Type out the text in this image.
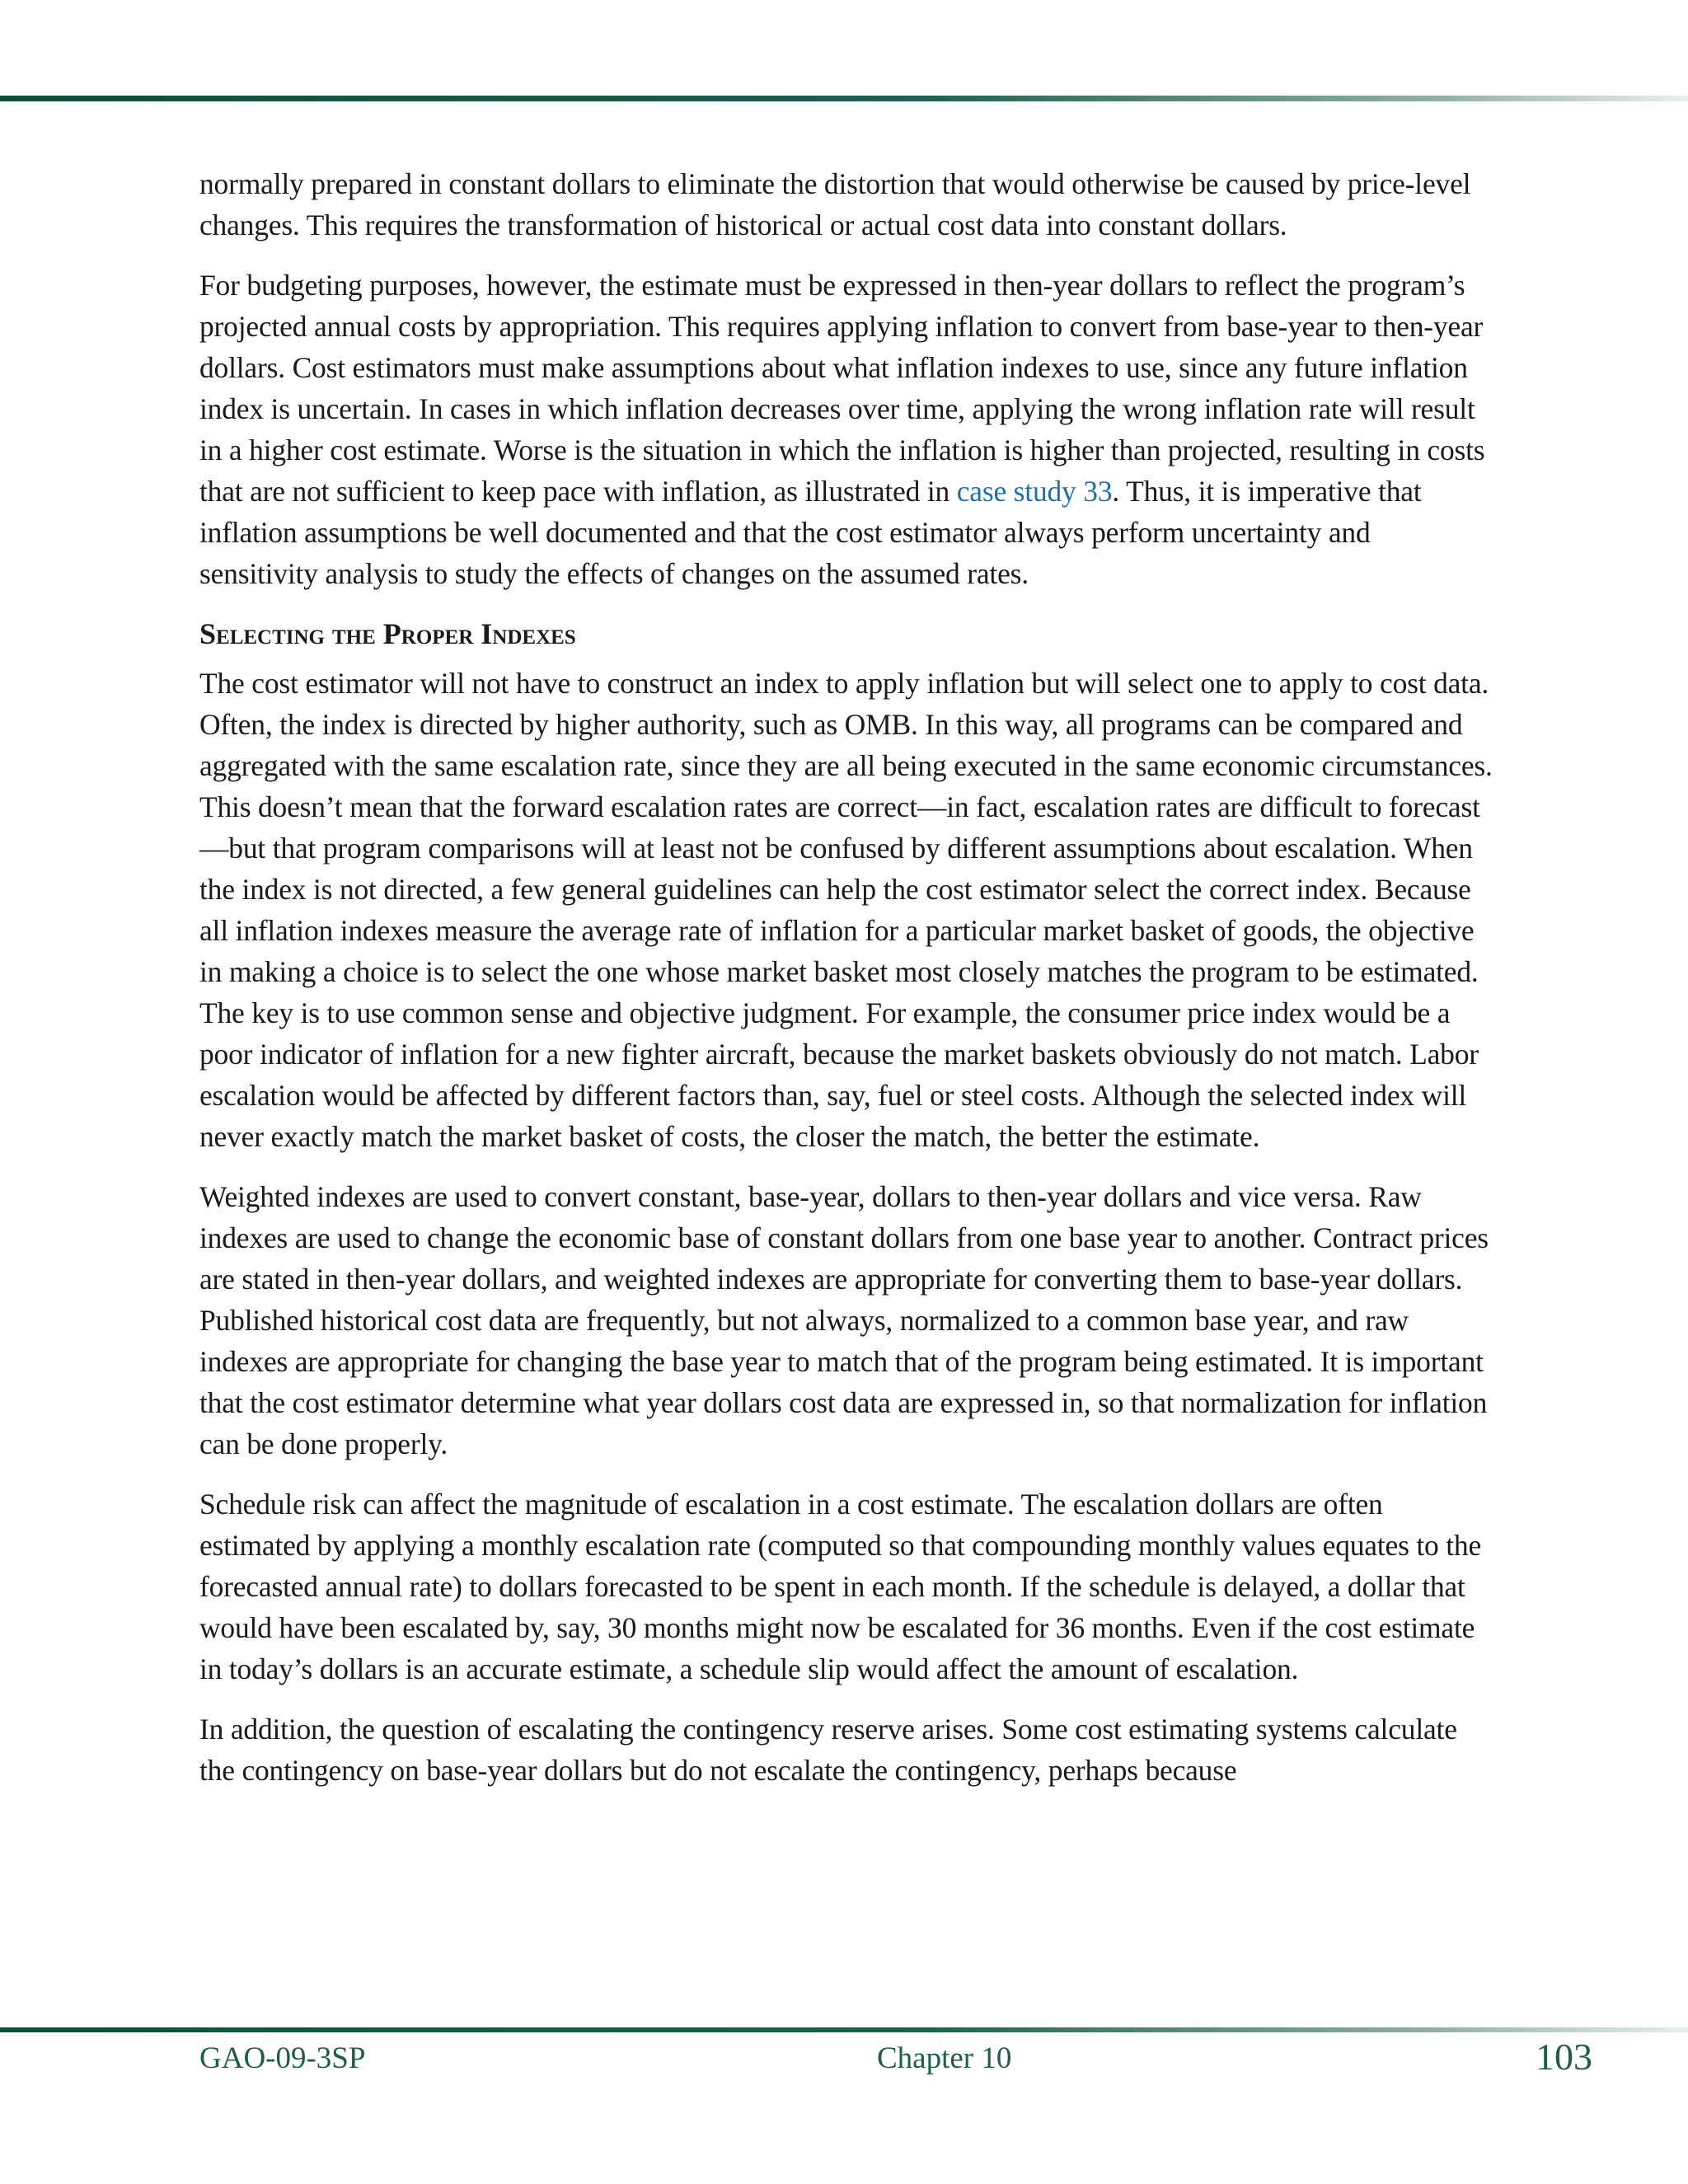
normally prepared in constant dollars to eliminate the distortion that would otherwise be caused by price-level changes. This requires the transformation of historical or actual cost data into constant dollars.

For budgeting purposes, however, the estimate must be expressed in then-year dollars to reflect the program’s projected annual costs by appropriation. This requires applying inflation to convert from base-year to then-year dollars. Cost estimators must make assumptions about what inflation indexes to use, since any future inflation index is uncertain. In cases in which inflation decreases over time, applying the wrong inflation rate will result in a higher cost estimate. Worse is the situation in which the inflation is higher than projected, resulting in costs that are not sufficient to keep pace with inflation, as illustrated in case study 33. Thus, it is imperative that inflation assumptions be well documented and that the cost estimator always perform uncertainty and sensitivity analysis to study the effects of changes on the assumed rates.

Selecting the Proper Indexes

The cost estimator will not have to construct an index to apply inflation but will select one to apply to cost data. Often, the index is directed by higher authority, such as OMB. In this way, all programs can be compared and aggregated with the same escalation rate, since they are all being executed in the same economic circumstances. This doesn’t mean that the forward escalation rates are correct—in fact, escalation rates are difficult to forecast—but that program comparisons will at least not be confused by different assumptions about escalation. When the index is not directed, a few general guidelines can help the cost estimator select the correct index. Because all inflation indexes measure the average rate of inflation for a particular market basket of goods, the objective in making a choice is to select the one whose market basket most closely matches the program to be estimated. The key is to use common sense and objective judgment. For example, the consumer price index would be a poor indicator of inflation for a new fighter aircraft, because the market baskets obviously do not match. Labor escalation would be affected by different factors than, say, fuel or steel costs. Although the selected index will never exactly match the market basket of costs, the closer the match, the better the estimate.

Weighted indexes are used to convert constant, base-year, dollars to then-year dollars and vice versa. Raw indexes are used to change the economic base of constant dollars from one base year to another. Contract prices are stated in then-year dollars, and weighted indexes are appropriate for converting them to base-year dollars. Published historical cost data are frequently, but not always, normalized to a common base year, and raw indexes are appropriate for changing the base year to match that of the program being estimated. It is important that the cost estimator determine what year dollars cost data are expressed in, so that normalization for inflation can be done properly.

Schedule risk can affect the magnitude of escalation in a cost estimate. The escalation dollars are often estimated by applying a monthly escalation rate (computed so that compounding monthly values equates to the forecasted annual rate) to dollars forecasted to be spent in each month. If the schedule is delayed, a dollar that would have been escalated by, say, 30 months might now be escalated for 36 months. Even if the cost estimate in today’s dollars is an accurate estimate, a schedule slip would affect the amount of escalation.

In addition, the question of escalating the contingency reserve arises. Some cost estimating systems calculate the contingency on base-year dollars but do not escalate the contingency, perhaps because

GAO-09-3SP	Chapter 10	103
